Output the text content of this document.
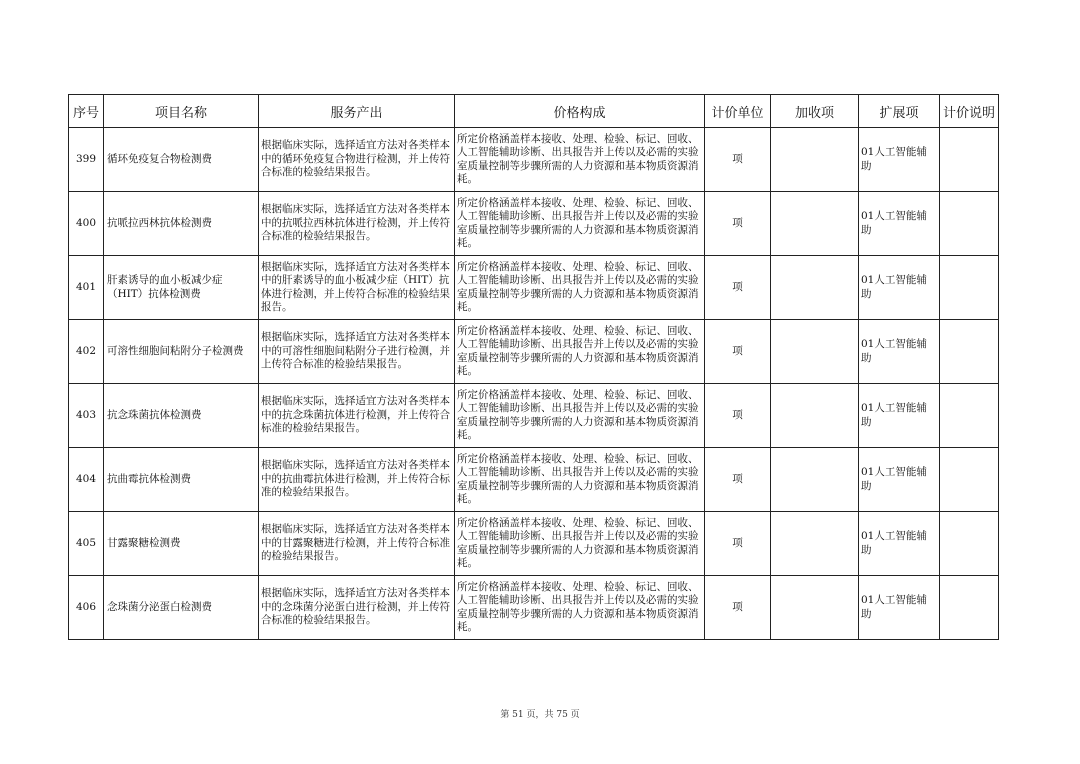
序号	项目名称	服务产出	价格构成	计价单位	加收项	扩展项	计价说明
399	循环免疫复合物检测费	根据临床实际，选择适宜方法对各类样本中的循环免疫复合物进行检测，并上传符合标准的检验结果报告。	所定价格涵盖样本接收、处理、检验、标记、回收、人工智能辅助诊断、出具报告并上传以及必需的实验室质量控制等步骤所需的人力资源和基本物质资源消耗。	项		01人工智能辅助	
400	抗哌拉西林抗体检测费	根据临床实际，选择适宜方法对各类样本中的抗哌拉西林抗体进行检测，并上传符合标准的检验结果报告。	所定价格涵盖样本接收、处理、检验、标记、回收、人工智能辅助诊断、出具报告并上传以及必需的实验室质量控制等步骤所需的人力资源和基本物质资源消耗。	项		01人工智能辅助	
401	肝素诱导的血小板减少症（HIT）抗体检测费	根据临床实际，选择适宜方法对各类样本中的肝素诱导的血小板减少症（HIT）抗体进行检测，并上传符合标准的检验结果报告。	所定价格涵盖样本接收、处理、检验、标记、回收、人工智能辅助诊断、出具报告并上传以及必需的实验室质量控制等步骤所需的人力资源和基本物质资源消耗。	项		01人工智能辅助	
402	可溶性细胞间粘附分子检测费	根据临床实际，选择适宜方法对各类样本中的可溶性细胞间粘附分子进行检测，并上传符合标准的检验结果报告。	所定价格涵盖样本接收、处理、检验、标记、回收、人工智能辅助诊断、出具报告并上传以及必需的实验室质量控制等步骤所需的人力资源和基本物质资源消耗。	项		01人工智能辅助	
403	抗念珠菌抗体检测费	根据临床实际，选择适宜方法对各类样本中的抗念珠菌抗体进行检测，并上传符合标准的检验结果报告。	所定价格涵盖样本接收、处理、检验、标记、回收、人工智能辅助诊断、出具报告并上传以及必需的实验室质量控制等步骤所需的人力资源和基本物质资源消耗。	项		01人工智能辅助	
404	抗曲霉抗体检测费	根据临床实际，选择适宜方法对各类样本中的抗曲霉抗体进行检测，并上传符合标准的检验结果报告。	所定价格涵盖样本接收、处理、检验、标记、回收、人工智能辅助诊断、出具报告并上传以及必需的实验室质量控制等步骤所需的人力资源和基本物质资源消耗。	项		01人工智能辅助	
405	甘露聚糖检测费	根据临床实际，选择适宜方法对各类样本中的甘露聚糖进行检测，并上传符合标准的检验结果报告。	所定价格涵盖样本接收、处理、检验、标记、回收、人工智能辅助诊断、出具报告并上传以及必需的实验室质量控制等步骤所需的人力资源和基本物质资源消耗。	项		01人工智能辅助	
406	念珠菌分泌蛋白检测费	根据临床实际，选择适宜方法对各类样本中的念珠菌分泌蛋白进行检测，并上传符合标准的检验结果报告。	所定价格涵盖样本接收、处理、检验、标记、回收、人工智能辅助诊断、出具报告并上传以及必需的实验室质量控制等步骤所需的人力资源和基本物质资源消耗。	项		01人工智能辅助	
第 51 页，共 75 页
